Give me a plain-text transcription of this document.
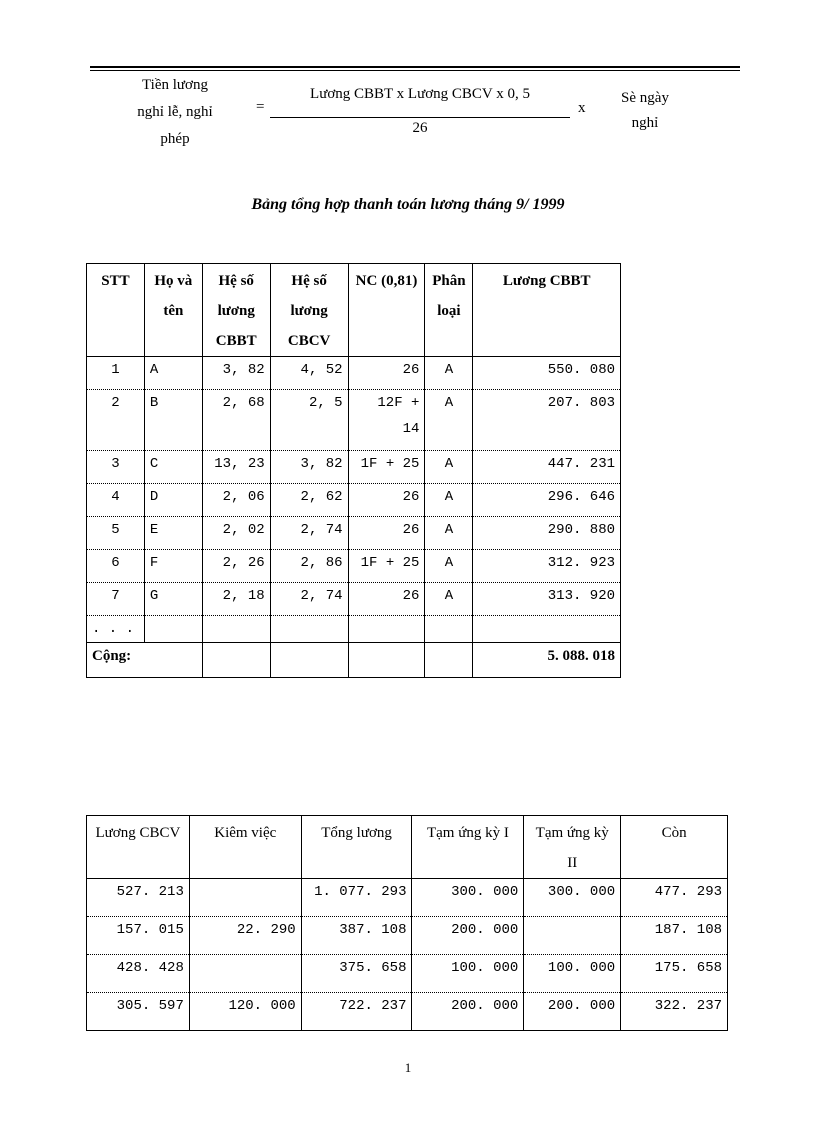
Tiền lương
nghỉ lễ, nghỉ
phép
=
Lương CBBT x Lương CBCV x 0, 5
26
x
Sè ngày
nghỉ
Bảng tổng hợp thanh toán lương tháng 9/ 1999
STT	Họ và tên	Hệ số lương CBBT	Hệ số lương CBCV	NC (0,81)	Phân loại	Lương CBBT
1	A	3, 82	4, 52	26	A	550. 080
2	B	2, 68	2, 5	12F + 14	A	207. 803
3	C	13, 23	3, 82	1F + 25	A	447. 231
4	D	2, 06	2, 62	26	A	296. 646
5	E	2, 02	2, 74	26	A	290. 880
6	F	2, 26	2, 86	1F + 25	A	312. 923
7	G	2, 18	2, 74	26	A	313. 920
. . .						
Cộng:						5. 088. 018
Lương CBCV	Kiêm việc	Tổng lương	Tạm ứng kỳ I	Tạm ứng kỳ II	Còn
527. 213		1. 077. 293	300. 000	300. 000	477. 293
157. 015	22. 290	387. 108	200. 000		187. 108
428. 428		375. 658	100. 000	100. 000	175. 658
305. 597	120. 000	722. 237	200. 000	200. 000	322. 237
1
